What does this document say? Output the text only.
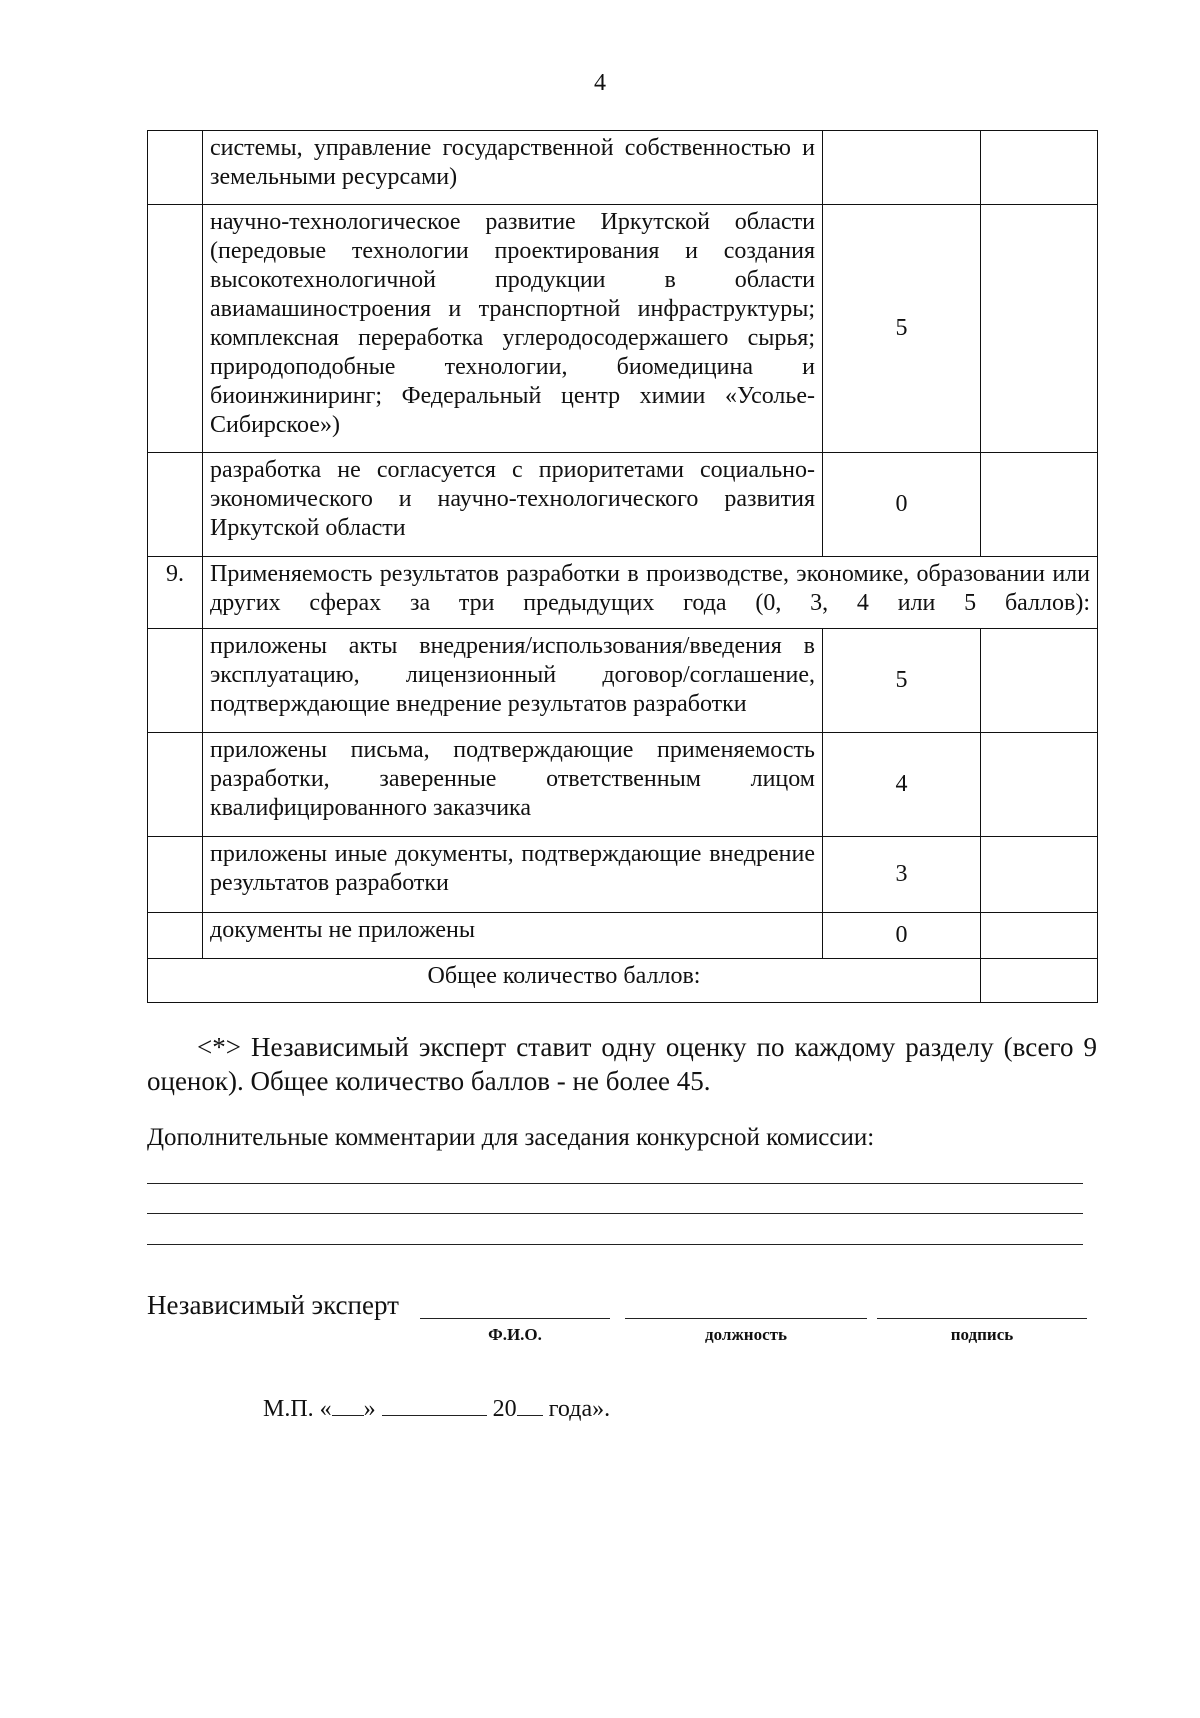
4
	системы, управление государственной собственностью и земельными ресурсами)		
	научно-технологическое развитие Иркутской области (передовые технологии проектирования и создания высокотехнологичной продукции в области авиамашиностроения и транспортной инфраструктуры; комплексная переработка углеродосодержашего сырья; природоподобные технологии, биомедицина и биоинжиниринг; Федеральный центр химии «Усолье-Сибирское»)	5	
	разработка не согласуется с приоритетами социально-экономического и научно-технологического развития Иркутской области	0	
9.	Применяемость результатов разработки в производстве, экономике, образовании или других сферах за три предыдущих года (0, 3, 4 или 5 баллов):		
	приложены акты внедрения/использования/введения в эксплуатацию, лицензионный договор/соглашение, подтверждающие внедрение результатов разработки	5	
	приложены письма, подтверждающие применяемость разработки, заверенные ответственным лицом квалифицированного заказчика	4	
	приложены иные документы, подтверждающие внедрение результатов разработки	3	
	документы не приложены	0	
Общее количество баллов:			
<*> Независимый эксперт ставит одну оценку по каждому разделу (всего 9 оценок). Общее количество баллов - не более 45.
Дополнительные комментарии для заседания конкурсной комиссии:
Независимый эксперт
Ф.И.О.	должность	подпись
М.П. « »	20 года».
